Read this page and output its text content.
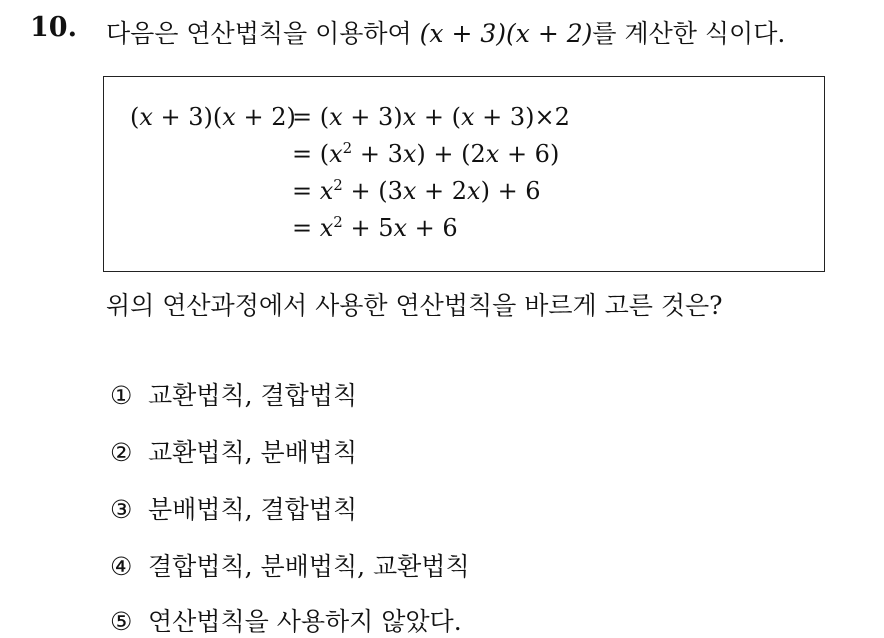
10. 다음은 연산법칙을 이용하여 (x + 3)(x + 2)를 계산한 식이다.
(x + 3)(x + 2)
= (x + 3)x + (x + 3)×2
= $(x^2 + 3x) + (2x + 6)$
= $x^2 + (3x + 2x) + 6$
= $x^2 + 5x + 6$
위의 연산과정에서 사용한 연산법칙을 바르게 고른 것은?
① 교환법칙, 결합법칙
② 교환법칙, 분배법칙
③ 분배법칙, 결합법칙
④ 결합법칙, 분배법칙, 교환법칙
⑤ 연산법칙을 사용하지 않았다.
